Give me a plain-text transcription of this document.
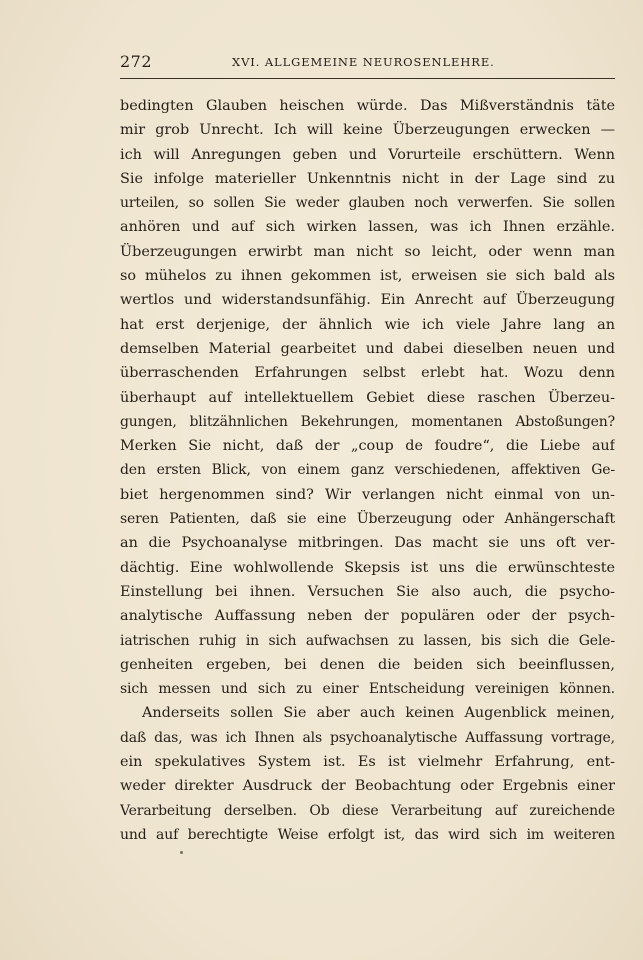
272	XVI. ALLGEMEINE NEUROSENLEHRE.
bedingten Glauben heischen würde. Das Mißverständnis täte
mir grob Unrecht. Ich will keine Überzeugungen erwecken —
ich will Anregungen geben und Vorurteile erschüttern. Wenn
Sie infolge materieller Unkenntnis nicht in der Lage sind zu
urteilen, so sollen Sie weder glauben noch verwerfen. Sie sollen
anhören und auf sich wirken lassen, was ich Ihnen erzähle.
Überzeugungen erwirbt man nicht so leicht, oder wenn man
so mühelos zu ihnen gekommen ist, erweisen sie sich bald als
wertlos und widerstandsunfähig. Ein Anrecht auf Überzeugung
hat erst derjenige, der ähnlich wie ich viele Jahre lang an
demselben Material gearbeitet und dabei dieselben neuen und
überraschenden Erfahrungen selbst erlebt hat. Wozu denn
überhaupt auf intellektuellem Gebiet diese raschen Überzeu-
gungen, blitzähnlichen Bekehrungen, momentanen Abstoßungen?
Merken Sie nicht, daß der „coup de foudre“, die Liebe auf
den ersten Blick, von einem ganz verschiedenen, affektiven Ge-
biet hergenommen sind? Wir verlangen nicht einmal von un-
seren Patienten, daß sie eine Überzeugung oder Anhängerschaft
an die Psychoanalyse mitbringen. Das macht sie uns oft ver-
dächtig. Eine wohlwollende Skepsis ist uns die erwünschteste
Einstellung bei ihnen. Versuchen Sie also auch, die psycho-
analytische Auffassung neben der populären oder der psych-
iatrischen ruhig in sich aufwachsen zu lassen, bis sich die Gele-
genheiten ergeben, bei denen die beiden sich beeinflussen,
sich messen und sich zu einer Entscheidung vereinigen können.
Anderseits sollen Sie aber auch keinen Augenblick meinen,
daß das, was ich Ihnen als psychoanalytische Auffassung vortrage,
ein spekulatives System ist. Es ist vielmehr Erfahrung, ent-
weder direkter Ausdruck der Beobachtung oder Ergebnis einer
Verarbeitung derselben. Ob diese Verarbeitung auf zureichende
und auf berechtigte Weise erfolgt ist, das wird sich im weiteren
